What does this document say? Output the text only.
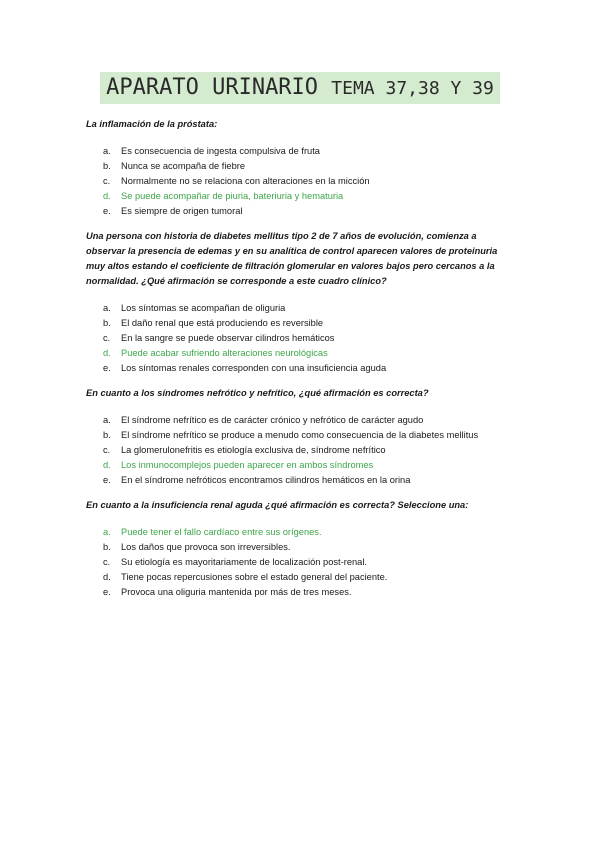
APARATO URINARIO TEMA 37,38 Y 39

La inflamación de la próstata:

a. Es consecuencia de ingesta compulsiva de fruta
b. Nunca se acompaña de fiebre
c. Normalmente no se relaciona con alteraciones en la micción
d. Se puede acompañar de piuria, bateriuria y hematuria
e. Es siempre de origen tumoral

Una persona con historia de diabetes mellitus tipo 2 de 7 años de evolución, comienza a observar la presencia de edemas y en su analítica de control aparecen valores de proteinuria muy altos estando el coeficiente de filtración glomerular en valores bajos pero cercanos a la normalidad. ¿Qué afirmación se corresponde a este cuadro clínico?

a. Los síntomas se acompañan de oliguria
b. El daño renal que está produciendo es reversible
c. En la sangre se puede observar cilindros hemáticos
d. Puede acabar sufriendo alteraciones neurológicas
e. Los síntomas renales corresponden con una insuficiencia aguda

En cuanto a los síndromes nefrótico y nefrítico, ¿qué afirmación es correcta?

a. El síndrome nefrítico es de carácter crónico y nefrótico de carácter agudo
b. El síndrome nefrítico se produce a menudo como consecuencia de la diabetes mellitus
c. La glomerulonefritis es etiología exclusiva de, síndrome nefrítico
d. Los inmunocomplejos pueden aparecer en ambos síndromes
e. En el síndrome nefróticos encontramos cilindros hemáticos en la orina

En cuanto a la insuficiencia renal aguda ¿qué afirmación es correcta? Seleccione una:

a. Puede tener el fallo cardíaco entre sus orígenes.
b. Los daños que provoca son irreversibles.
c. Su etiología es mayoritariamente de localización post-renal.
d. Tiene pocas repercusiones sobre el estado general del paciente.
e. Provoca una oliguria mantenida por más de tres meses.
